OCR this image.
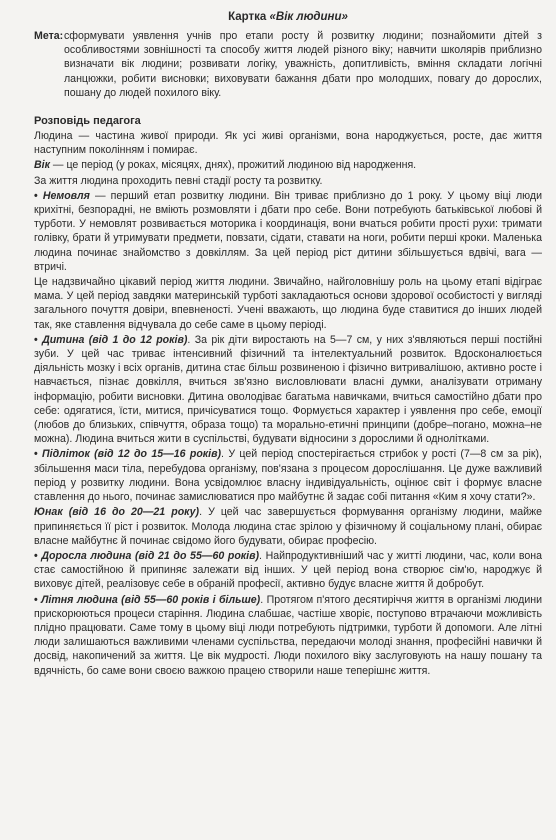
Картка «Вік людини»
Мета: сформувати уявлення учнів про етапи росту й розвитку людини; познайомити дітей з особливостями зовнішності та способу життя людей різного віку; навчити школярів приблизно визначати вік людини; розвивати логіку, уважність, допитливість, вміння складати логічні ланцюжки, робити висновки; виховувати бажання дбати про молодших, повагу до дорослих, пошану до людей похилого віку.
Розповідь педагога
Людина — частина живої природи. Як усі живі організми, вона народжується, росте, дає життя наступним поколінням і помирає.
Вік — це період (у роках, місяцях, днях), прожитий людиною від народження.
За життя людина проходить певні стадії росту та розвитку.
• Немовля — перший етап розвитку людини. Він триває приблизно до 1 року. У цьому віці люди крихітні, безпорадні, не вміють розмовляти і дбати про себе. Вони потребують батьківської любові й турботи. У немовлят розвивається моторика і координація, вони вчаться робити прості рухи: тримати голівку, брати й утримувати предмети, повзати, сідати, ставати на ноги, робити перші кроки. Маленька людина починає знайомство з довкіллям. За цей період ріст дитини збільшується вдвічі, вага — втричі.
Це надзвичайно цікавий період життя людини. Звичайно, найголовнішу роль на цьому етапі відіграє мама. У цей період завдяки материнській турботі закладаються основи здорової особистості у вигляді загального почуття довіри, впевненості. Учені вважають, що людина буде ставитися до інших людей так, яке ставлення відчувала до себе саме в цьому періоді.
• Дитина (від 1 до 12 років). За рік діти виростають на 5—7 см, у них з'являються перші постійні зуби. У цей час триває інтенсивний фізичний та інтелектуальний розвиток. Вдосконалюється діяльність мозку і всіх органів, дитина стає більш розвиненою і фізично витривалішою, активно росте і навчається, пізнає довкілля, вчиться зв'язно висловлювати власні думки, аналізувати отриману інформацію, робити висновки. Дитина оволодіває багатьма навичками, вчиться самостійно дбати про себе: одягатися, їсти, митися, причісуватися тощо. Формується характер і уявлення про себе, емоції (любов до близьких, співчуття, образа тощо) та морально-етичні принципи (добре–погано, можна–не можна). Людина вчиться жити в суспільстві, будувати відносини з дорослими й однолітками.
• Підліток (від 12 до 15—16 років). У цей період спостерігається стрибок у рості (7—8 см за рік), збільшення маси тіла, перебудова організму, пов'язана з процесом дорослішання. Це дуже важливий період у розвитку людини. Вона усвідомлює власну індивідуальність, оцінює світ і формує власне ставлення до нього, починає замислюватися про майбутнє й задає собі питання «Ким я хочу стати?».
Юнак (від 16 до 20—21 року). У цей час завершується формування організму людини, майже припиняється її ріст і розвиток. Молода людина стає зрілою у фізичному й соціальному плані, обирає власне майбутнє й починає свідомо його будувати, обирає професію.
• Доросла людина (від 21 до 55—60 років). Найпродуктивніший час у житті людини, час, коли вона стає самостійною й припиняє залежати від інших. У цей період вона створює сім'ю, народжує й виховує дітей, реалізовує себе в обраній професії, активно будує власне життя й добробут.
• Літня людина (від 55—60 років і більше). Протягом п'ятого десятиріччя життя в організмі людини прискорюються процеси старіння. Людина слабшає, частіше хворіє, поступово втрачаючи можливість плідно працювати. Саме тому в цьому віці люди потребують підтримки, турботи й допомоги. Але літні люди залишаються важливими членами суспільства, передаючи молоді знання, професійні навички й досвід, накопичений за життя. Це вік мудрості. Люди похилого віку заслуговують на нашу пошану та вдячність, бо саме вони своєю важкою працею створили наше теперішнє життя.
